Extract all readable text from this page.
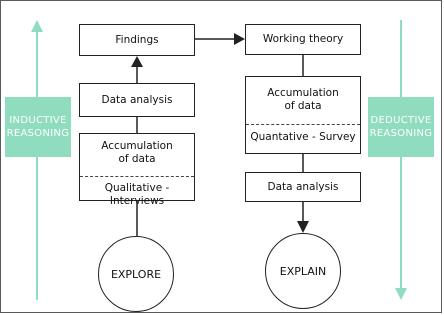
INDUCTIVE
REASONING
DEDUCTIVE
REASONING
Findings
Data analysis
Accumulation
of data
Qualitative - Interviews
EXPLORE
Working theory
Accumulation
of data
Quantative - Survey
Data analysis
EXPLAIN
